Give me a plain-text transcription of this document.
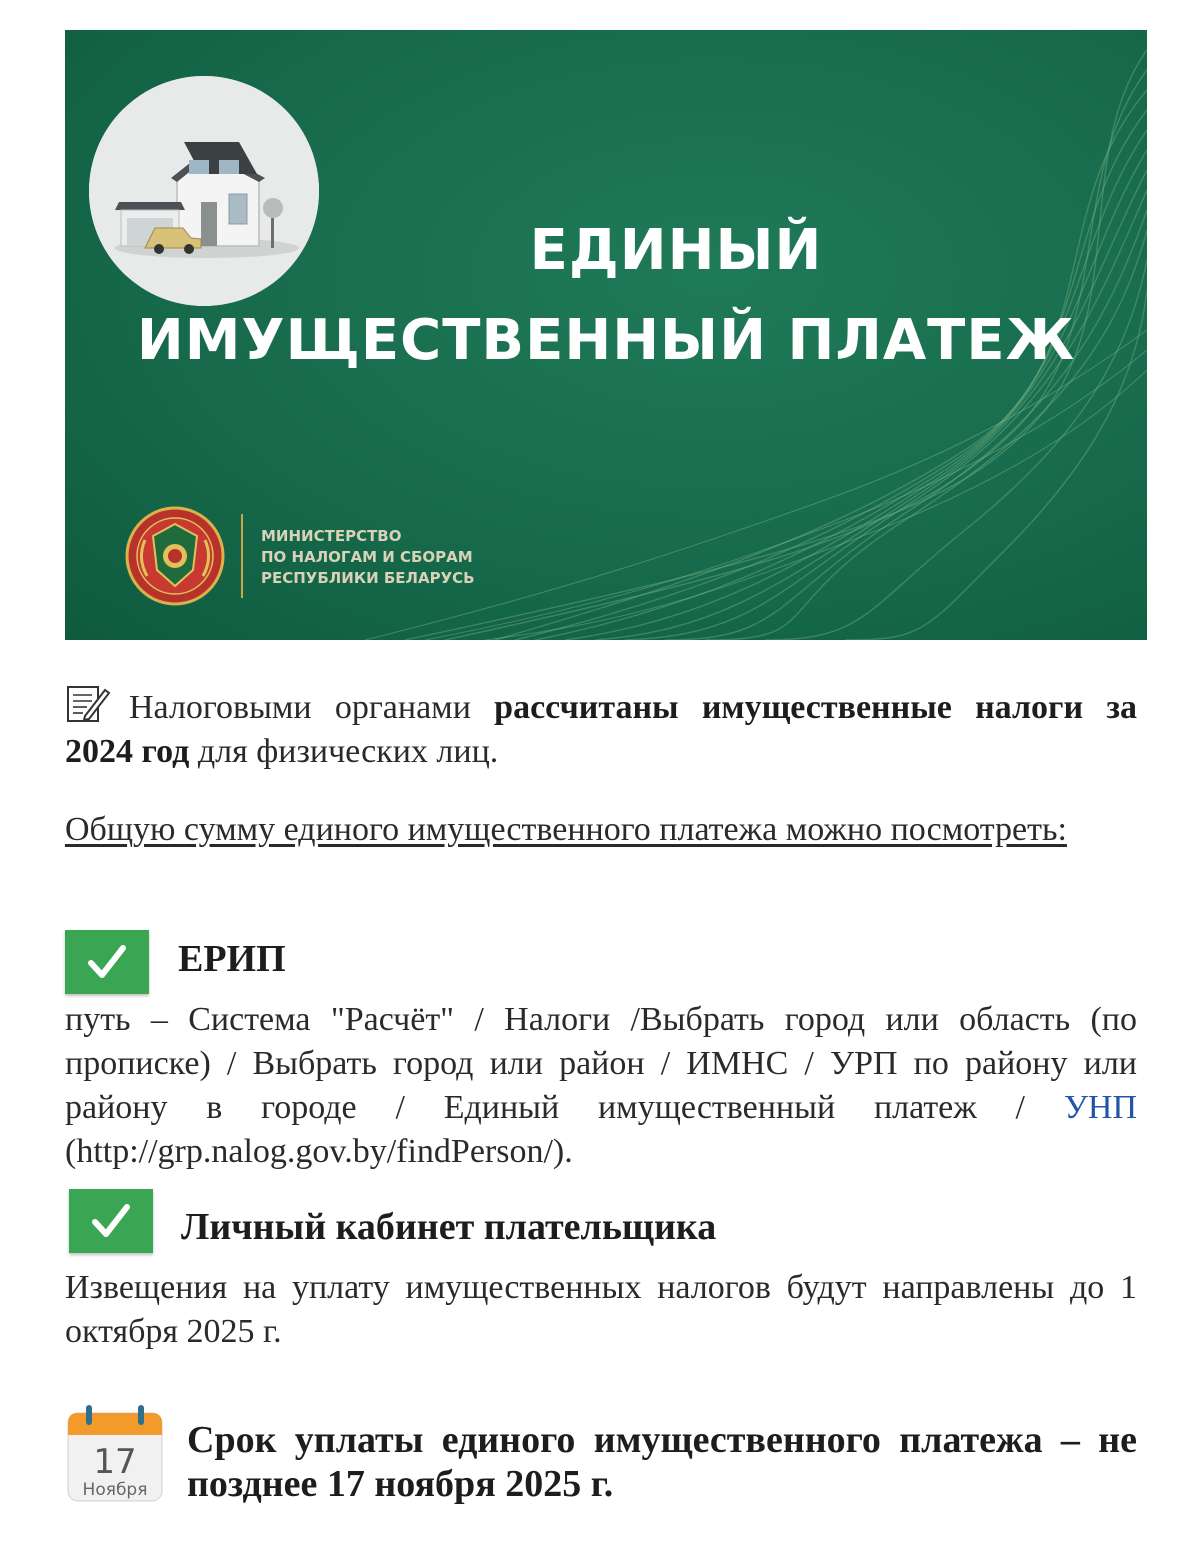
ЕДИНЫЙ
ИМУЩЕСТВЕННЫЙ ПЛАТЕЖ
МИНИСТЕРСТВО
ПО НАЛОГАМ И СБОРАМ
РЕСПУБЛИКИ БЕЛАРУСЬ
Налоговыми органами рассчитаны имущественные налоги за 2024 год для физических лиц.
Общую сумму единого имущественного платежа можно посмотреть:
ЕРИП
путь – Система "Расчёт" / Налоги /Выбрать город или область (по прописке) / Выбрать город или район / ИМНС / УРП по району или району в городе / Единый имущественный платеж / УНП (http://grp.nalog.gov.by/findPerson/).
Личный кабинет плательщика
Извещения на уплату имущественных налогов будут направлены до 1 октября 2025 г.
17
Ноября
Срок уплаты единого имущественного платежа – не позднее 17 ноября 2025 г.
